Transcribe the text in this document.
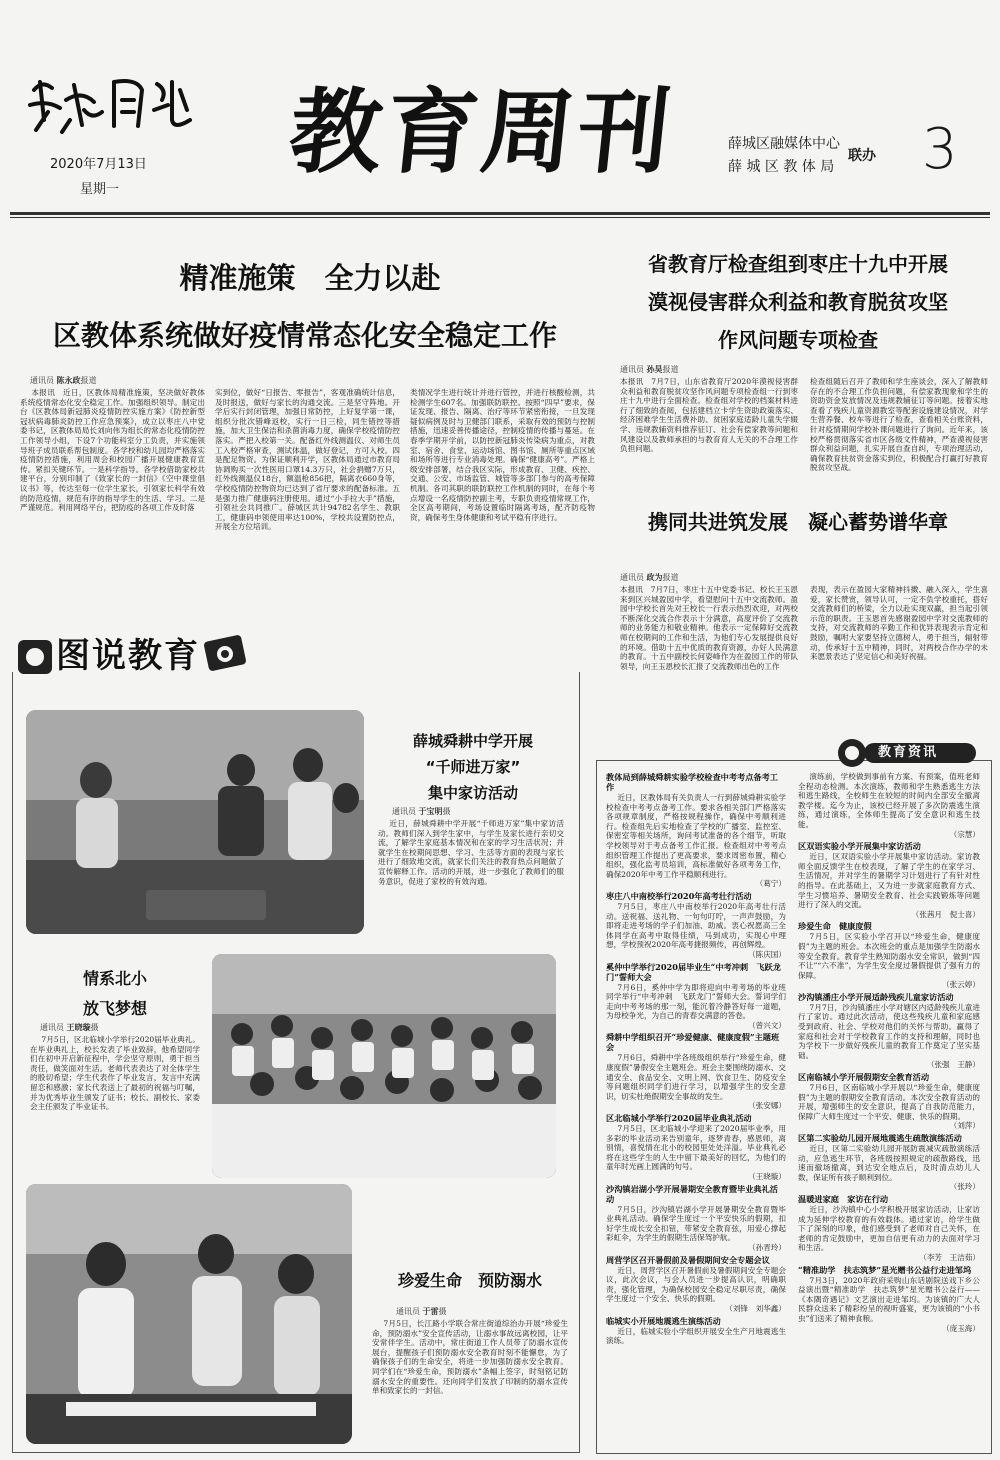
2020年7月13日
星期一
教育周刊	薛城区融媒体中心
薛 城 区 教 体 局
联办 3
精准施策　全力以赴
区教体系统做好疫情常态化安全稳定工作
通讯员 陈永政报道
本报讯　近日，区教体局精准施策，坚决做好教体系统疫情常态化安全稳定工作。加强组织领导。制定出台《区教体局新冠肺炎疫情防控实施方案》《防控新型冠状病毒肺炎防控工作应急预案》，成立以枣庄八中党委书记，区教体局局长刘向伟为组长的常态化疫情防控工作领导小组，下设7个功能科室分工负责，并实施领导班子成员联系帮包制度。各学校和幼儿园均严格落实疫情防控措施，利用周会和校园广播开展健康教育宣传。紧扣关键环节。一是科学指导。各学校借助家校共建平台，分别印制了《致家长的一封信》《空中课堂倡议书》等，传达至每一位学生家长，引领家长科学有效的防范疫情，规范有序的指导学生的生活、学习。二是严谨规范。利用网络平台，把防疫的各项工作及时落
实到位，做好“日报告、零报告”，客观准确统计信息，及时报送，做好与家长的沟通交流。三是坚守阵地。开学后实行封闭管理，加强日常防控，上好复学第一课，组织分批次错峰返校，实行一日三检，同生错控等措施，加大卫生保洁和杀菌消毒力度，确保学校疫情防控落实。严把入校第一关。配备红外线测温仪、对师生员工入校严格审查，测试体温，做好登记，方可入校。四是配足物资。为保证顺利开学，区教体局通过市教育局协调购买一次性医用口罩14.3万只，社会捐赠7万只，红外线测温仪18台，额温枪856把，隔离衣660身等，学校疫情防控物资均已达到了省厅要求的配备标准。五是强力推广健康码注册使用。通过“小手拉大手”措施，引领社会共同推广。薛城区共计94782名学生、教职工，健康码申领使用率达100%，学校共设置防控点，开展全方位培训。
类情况学生进行统计并进行管控，并进行核酸检测，共检测学生607名。加强联防联控。按照“四早”要求，保证发现、报告、隔离、治疗等环节紧密衔接，一旦发现疑似病例及时与卫健部门联系，采取有效的预防与控制措施，迅速妥善传播途径，控制疫情的传播与蔓延。在春季学期开学前，以防控新冠肺炎传染病为重点，对教室、宿舍、食堂、运动场馆、图书馆、厕所等重点区域和场所等进行专业消毒处理。确保“健康高考”。严格上级安排部署，结合我区实际，形成教育、卫健、疾控、交通、公安、市场监管、城管等多部门参与的高考保障机制。各司其职的联防联控工作机制的同时，在每个考点增设一名疫情防控副主考，专职负责疫情常规工作，全区高考期间，考场设置临时隔离考场，配齐防疫物资，确保考生身体健康和考试平稳有序进行。
省教育厅检查组到枣庄十九中开展
漠视侵害群众利益和教育脱贫攻坚
作风问题专项检查
通讯员 孙昊报道
本报讯　7月7日，山东省教育厅2020年漠视侵害群众利益和教育脱贫攻坚作风问题专项检查组一行到枣庄十九中进行全面检查。检查组对学校的档案材料进行了细致的查阅，包括建档立卡学生资助政策落实、经济困难学生生活费补助、贫困家庭适龄儿童失学辍学、违规教辅资料推荐征订、社会有偿家教等问题和风建设以及教师承担的与教育育人无关的不合理工作负担问题。
检查组随后召开了教师和学生座谈会，深入了解教师存在的不合理工作负担问题，有偿家教现象和学生的资助资金发放情况及违规教辅征订等问题。接着实地查看了残疾儿童资源教室等配套设施建设情况，对学生营养餐、校车等进行了检查，查看相关台账资料，针对疫情期间学校补课问题进行了询问。近年来，该校严格贯彻落实省市区各级文件精神，严查漠视侵害群众利益问题，扎实开展自查自纠，专项治理活动，确保教育扶贫资金落实到位，积极配合打赢打好教育脱贫攻坚战。
携同共进筑发展　凝心蓄势谱华章
通讯员 政为报道
本报讯　7月7日，枣庄十五中党委书记、校长王玉恩来到区兴城盈园中学，看望慰问十五中交流教师。盈园中学校长首先对王校长一行表示热烈欢迎，对两校不断深化交流合作表示十分满意，高度评价了交流教师的业务能力和敬业精神。他表示一定保障好交流教师在校期间的工作和生活，为他们专心发展提供良好的环境。借助十五中优质的教育资源，办好人民满意的教育。十五中副校长何姿峰作为在盈园工作的带队领导，向王玉恩校长汇报了交流教师出色的工作
表现，表示在盈园大家精神抖擞、融入深入，学生喜爱，家长赞赏，领导认可，一定不负学校重托，搭好交流教师们的桥梁，全力以赴实现双赢，担当起引领示范的职责。王玉恩首先感谢盈园中学对交流教师的支持，对交流教师的辛勤工作和优异表现表示肯定和鼓励，嘱咐大家要坚持立德树人，勇于担当，辐射带动，传承好十五中精神，同时，对两校合作办学的未来愿景表达了坚定信心和美好祝福。
图说教育
薛城舜耕中学开展
“千师进万家”
集中家访活动
通讯员 于宝明摄
近日，薛城舜耕中学开展“千师进万家”集中家访活动。教师们深入到学生家中，与学生及家长进行亲切交流，了解学生家庭基本情况和在家的学习生活状况；并就学生在校期间思想、学习、生活等方面的表现与家长进行了细致地交流，就家长们关注的教育热点问题做了宣传解释工作。活动的开展，进一步强化了教师们的服务意识，促进了家校的有效沟通。
情系北小
放飞梦想
通讯员 王晓璇摄
7月5日，区北临城小学举行2020届毕业典礼。在毕业典礼上，校长发表了毕业致辞，他希望同学们在初中开启新征程中，学会坚守原则，勇于担当责任，做笑面对生活。老师代表表达了对全体学生的殷切希望；学生代表作了毕业发言，发言中充满留恋和感激；家长代表送上了最初的祝福与叮嘱，并为优秀毕业生颁发了证书；校长、副校长、家委会主任颁发了毕业证书。
珍爱生命　预防溺水
通讯员 于雷摄
7月5日，长江路小学联合常庄街道综治办开展“珍爱生命，预防溺水”安全宣传活动，让溺水事故远离校园，让平安常伴学生。活动中，常庄街道工作人员带了防溺水宣传展台，提醒孩子们预防溺水安全教育时刻不能懈怠，为了确保孩子们的生命安全，将进一步加强防溺水安全教育。同学们在“珍爱生命，预防溺水”条幅上签字，时刻铭记防溺水安全的重要性。还向同学们发放了印制的防溺水宣传单和致家长的一封信。
教育资讯
教体局到薛城舜耕实验学校检查中考考点备考工作
近日，区教体局有关负责人一行到薛城舜耕实验学校检查中考考点备考工作。要求各相关部门严格落实各项规章制度，严格按规程操作，确保中考顺利进行。检查组先后实地检查了学校的广播室、监控室、保密室等相关场所，询问考试准备的各个细节，听取学校领导对于考点备考工作汇报。检查组对中考考点组织管理工作提出了更高要求，要求周密布置，精心组织，强化监考员培训，高标准做好各项考务工作，确保2020年中考工作平稳顺利进行。
（葛宁）
枣庄八中南校举行2020年高考壮行活动
7月5日，枣庄八中南校举行2020年高考壮行活动。送祝福、送礼物、一句句叮咛，一声声鼓励，为即将走进考场的学子们加油、助威。衷心祝愿高三全体同学在高考中取得佳绩，马到成功，实现心中理想，学校预祝2020年高考捷报频传，再创辉煌。
（陈庆国）
奚仲中学举行2020届毕业生“中考冲刺　飞跃龙门”誓师大会
7月6日，奚仲中学为即将迎向中考考场的毕业班同学举行“中考冲刺　飞跃龙门”誓师大会。誓词学们走向中考考场的那一刻，能沉着冷静答好每一道题，为母校争光，为自己的青春交满意的答卷。
（曾兴文）
舜耕中学组织召开“珍爱健康、健康度假”主题班会
7月6日，舜耕中学各班级组织举行“珍爱生命，健康度假”暑假安全主题班会。班会主要围绕防溺水、交通安全、食品安全、文明上网、饮食卫生、防疫安全等问题组织同学们进行学习，以增强学生的安全意识，切实杜绝假期安全事故的发生。
（张安娜）
区北临城小学举行2020届毕业典礼活动
7月5日，区北临城小学迎来了2020届毕业季，用多彩的毕业活动来告别童年，逐梦青春，感恩师，离别情，喜悦情在北小的校园里处处洋溢。毕业典礼必将在这些学生的人生中留下最美好的回忆，为他们的童年时光画上圆满的句号。
（王晓璇）
沙沟镇岩湖小学开展暑期安全教育暨毕业典礼活动
7月5日，沙沟镇岩湖小学开展暑期安全教育暨毕业典礼活动。确保学生度过一个平安快乐的假期，扣好学生成长安全扣钮，带紧安全教育弦，用爱心撑起彩虹伞，为学生的假期生活保驾护航。
（孙晋玲）
周营学区召开暑假前及暑假期间安全专题会议
近日，周营学区召开暑假前及暑假期间安全专题会议，此次会议，与会人员进一步提高认识，明确职责，强化管理，为确保校园安全稳定尽职尽责，确保学生度过一个安全、快乐的假期。
（刘锋　刘华鑫）
临城实小开展地震逃生演练活动
近日，临城实验小学组织开展安全生产月地震逃生演练。
演练前，学校做到事前有方案、有预案，值班老师全程动态检测。本次演练，教师和学生熟悉逃生方法和逃生路线，全校师生在较短的时间内全部安全撤离教学楼。迄今为止，该校已经开展了多次防震逃生演练，通过演练，全体师生提高了安全意识和逃生技能。
（宗慧）
区双语实验小学开展集中家访活动
近日，区双语实验小学开展集中家访活动。家访教师全面反馈学生在校表现，了解了学生的在家学习、生活情况，并对学生的暑期学习计划进行了有针对性的指导。在此基础上，又为进一步就家庭教育方式、学生习惯培养、暑期安全教育、社会实践锻炼等问题进行了深入的交流。
（张茜月　倪士喜）
珍爱生命　健康度假
7月5日，区实验小学召开以“珍爱生命，健康度假”为主题的班会。本次班会的重点是加强学生防溺水等安全教育。教育学生熟知防溺水安全常识，做到“四不让”“六不准”，为学生安全度过暑假提供了强有力的保障。
（张云婷）
沙沟镇潘庄小学开展适龄残疾儿童家访活动
7月7日，沙沟镇潘庄小学对辖区内适龄残疾儿童进行了家访。通过此次活动，使这些残疾儿童和家庭感受到政府、社会、学校对他们的关怀与帮助。赢得了家庭和社会对于学校教育工作的支持和理解，同时也为学校下一步做好残疾儿童的教育工作奠定了坚实基础。
（张强　王静）
区南临城小学开展假期安全教育活动
7月6日，区南临城小学开展以“珍爱生命，健康度假”为主题的假期安全教育活动。本次安全教育活动的开展，增强师生的安全意识，提高了自我防范能力，保障广大师生度过一个平安、健康、快乐的假期。
（刘萍）
区第二实验幼儿园开展地震逃生疏散演练活动
近日，区第二实验幼儿园开展防震减灾疏散演练活动，应急逃生环节，各班级按照规定的疏散路线，迅速而撤场撤离，到达安全地点后，及时清点幼儿人数，保证所有孩子顺利到位。
（张玲）
温暖进家庭　家访在行动
近日，沙沟镇中心小学积极开展家访活动，让家访成为延伸学校教育的有效载体。通过家访，给学生做下了深刻的印象，他们感受到了老师对自己关怀，在老师的肯定鼓励中，更加自信更有动力的去面对学习和生活。
（李芳　王洁茹）
“精准助学　扶志筑梦”星光赠书公益行走进邹坞
7月3日，2020年政府采购山东话剧院送戏下乡公益演出暨“精准助学　扶志筑梦”星光赠书公益行——《本隅奇遇记》文艺演出走进邹坞。为该镇的广大人民群众送来了精彩纷呈的视听盛宴，更为该镇的“小书虫”们送来了精神食粮。
（庞玉海）
